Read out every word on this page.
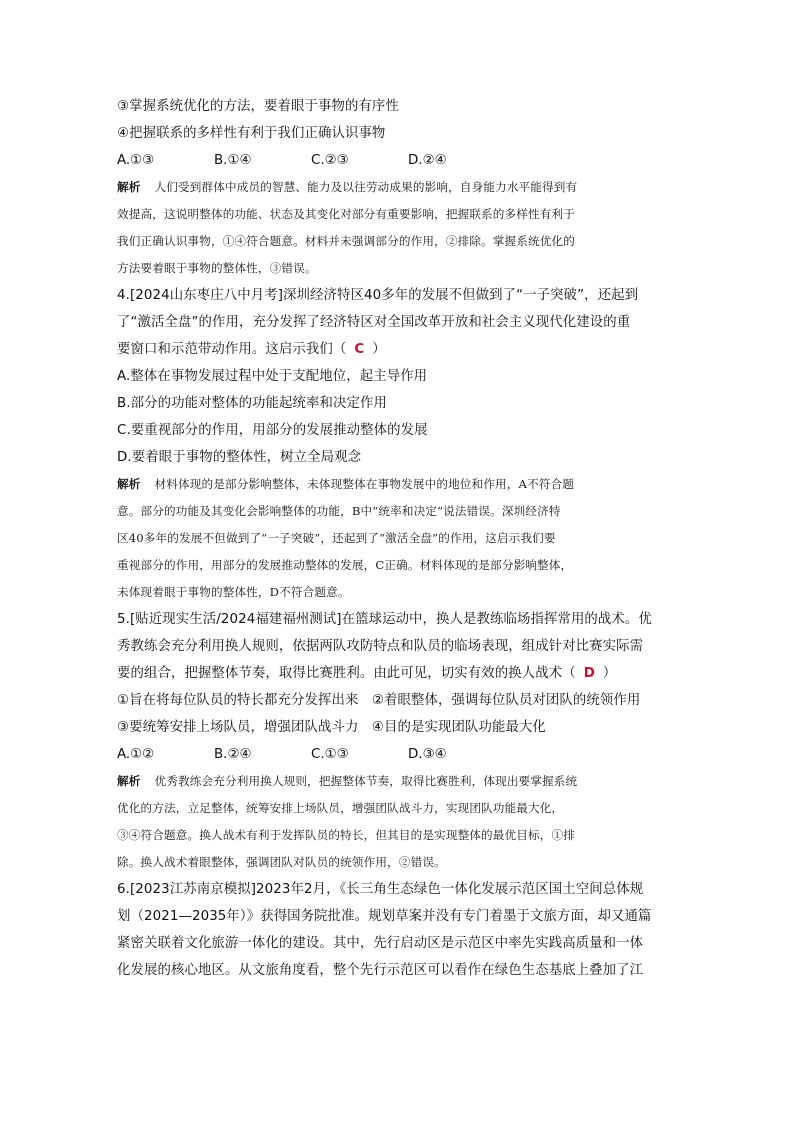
③掌握系统优化的方法，要着眼于事物的有序性
④把握联系的多样性有利于我们正确认识事物
A.①③	B.①④	C.②③	D.②④
解析 人们受到群体中成员的智慧、能力及以往劳动成果的影响，自身能力水平能得到有
效提高，这说明整体的功能、状态及其变化对部分有重要影响，把握联系的多样性有利于
我们正确认识事物，①④符合题意。材料并未强调部分的作用，②排除。掌握系统优化的
方法要着眼于事物的整体性，③错误。
4.[2024山东枣庄八中月考]深圳经济特区40多年的发展不但做到了“一子突破”，还起到
了“激活全盘”的作用，充分发挥了经济特区对全国改革开放和社会主义现代化建设的重
要窗口和示范带动作用。这启示我们（ C ）
A.整体在事物发展过程中处于支配地位，起主导作用
B.部分的功能对整体的功能起统率和决定作用
C.要重视部分的作用，用部分的发展推动整体的发展
D.要着眼于事物的整体性，树立全局观念
解析 材料体现的是部分影响整体，未体现整体在事物发展中的地位和作用，A不符合题
意。部分的功能及其变化会影响整体的功能，B中“统率和决定”说法错误。深圳经济特
区40多年的发展不但做到了“一子突破”，还起到了“激活全盘”的作用，这启示我们要
重视部分的作用，用部分的发展推动整体的发展，C正确。材料体现的是部分影响整体，
未体现着眼于事物的整体性，D不符合题意。
5.[贴近现实生活/2024福建福州测试]在篮球运动中，换人是教练临场指挥常用的战术。优
秀教练会充分利用换人规则，依据两队攻防特点和队员的临场表现，组成针对比赛实际需
要的组合，把握整体节奏，取得比赛胜利。由此可见，切实有效的换人战术（ D ）
①旨在将每位队员的特长都充分发挥出来　②着眼整体，强调每位队员对团队的统领作用
③要统筹安排上场队员，增强团队战斗力　④目的是实现团队功能最大化
A.①②	B.②④	C.①③	D.③④
解析 优秀教练会充分利用换人规则，把握整体节奏，取得比赛胜利，体现出要掌握系统
优化的方法，立足整体，统筹安排上场队员，增强团队战斗力，实现团队功能最大化，
③④符合题意。换人战术有利于发挥队员的特长，但其目的是实现整体的最优目标，①排
除。换人战术着眼整体，强调团队对队员的统领作用，②错误。
6.[2023江苏南京模拟]2023年2月，《长三角生态绿色一体化发展示范区国土空间总体规
划（2021—2035年）》获得国务院批准。规划草案并没有专门着墨于文旅方面，却又通篇
紧密关联着文化旅游一体化的建设。其中，先行启动区是示范区中率先实践高质量和一体
化发展的核心地区。从文旅角度看，整个先行示范区可以看作在绿色生态基底上叠加了江
